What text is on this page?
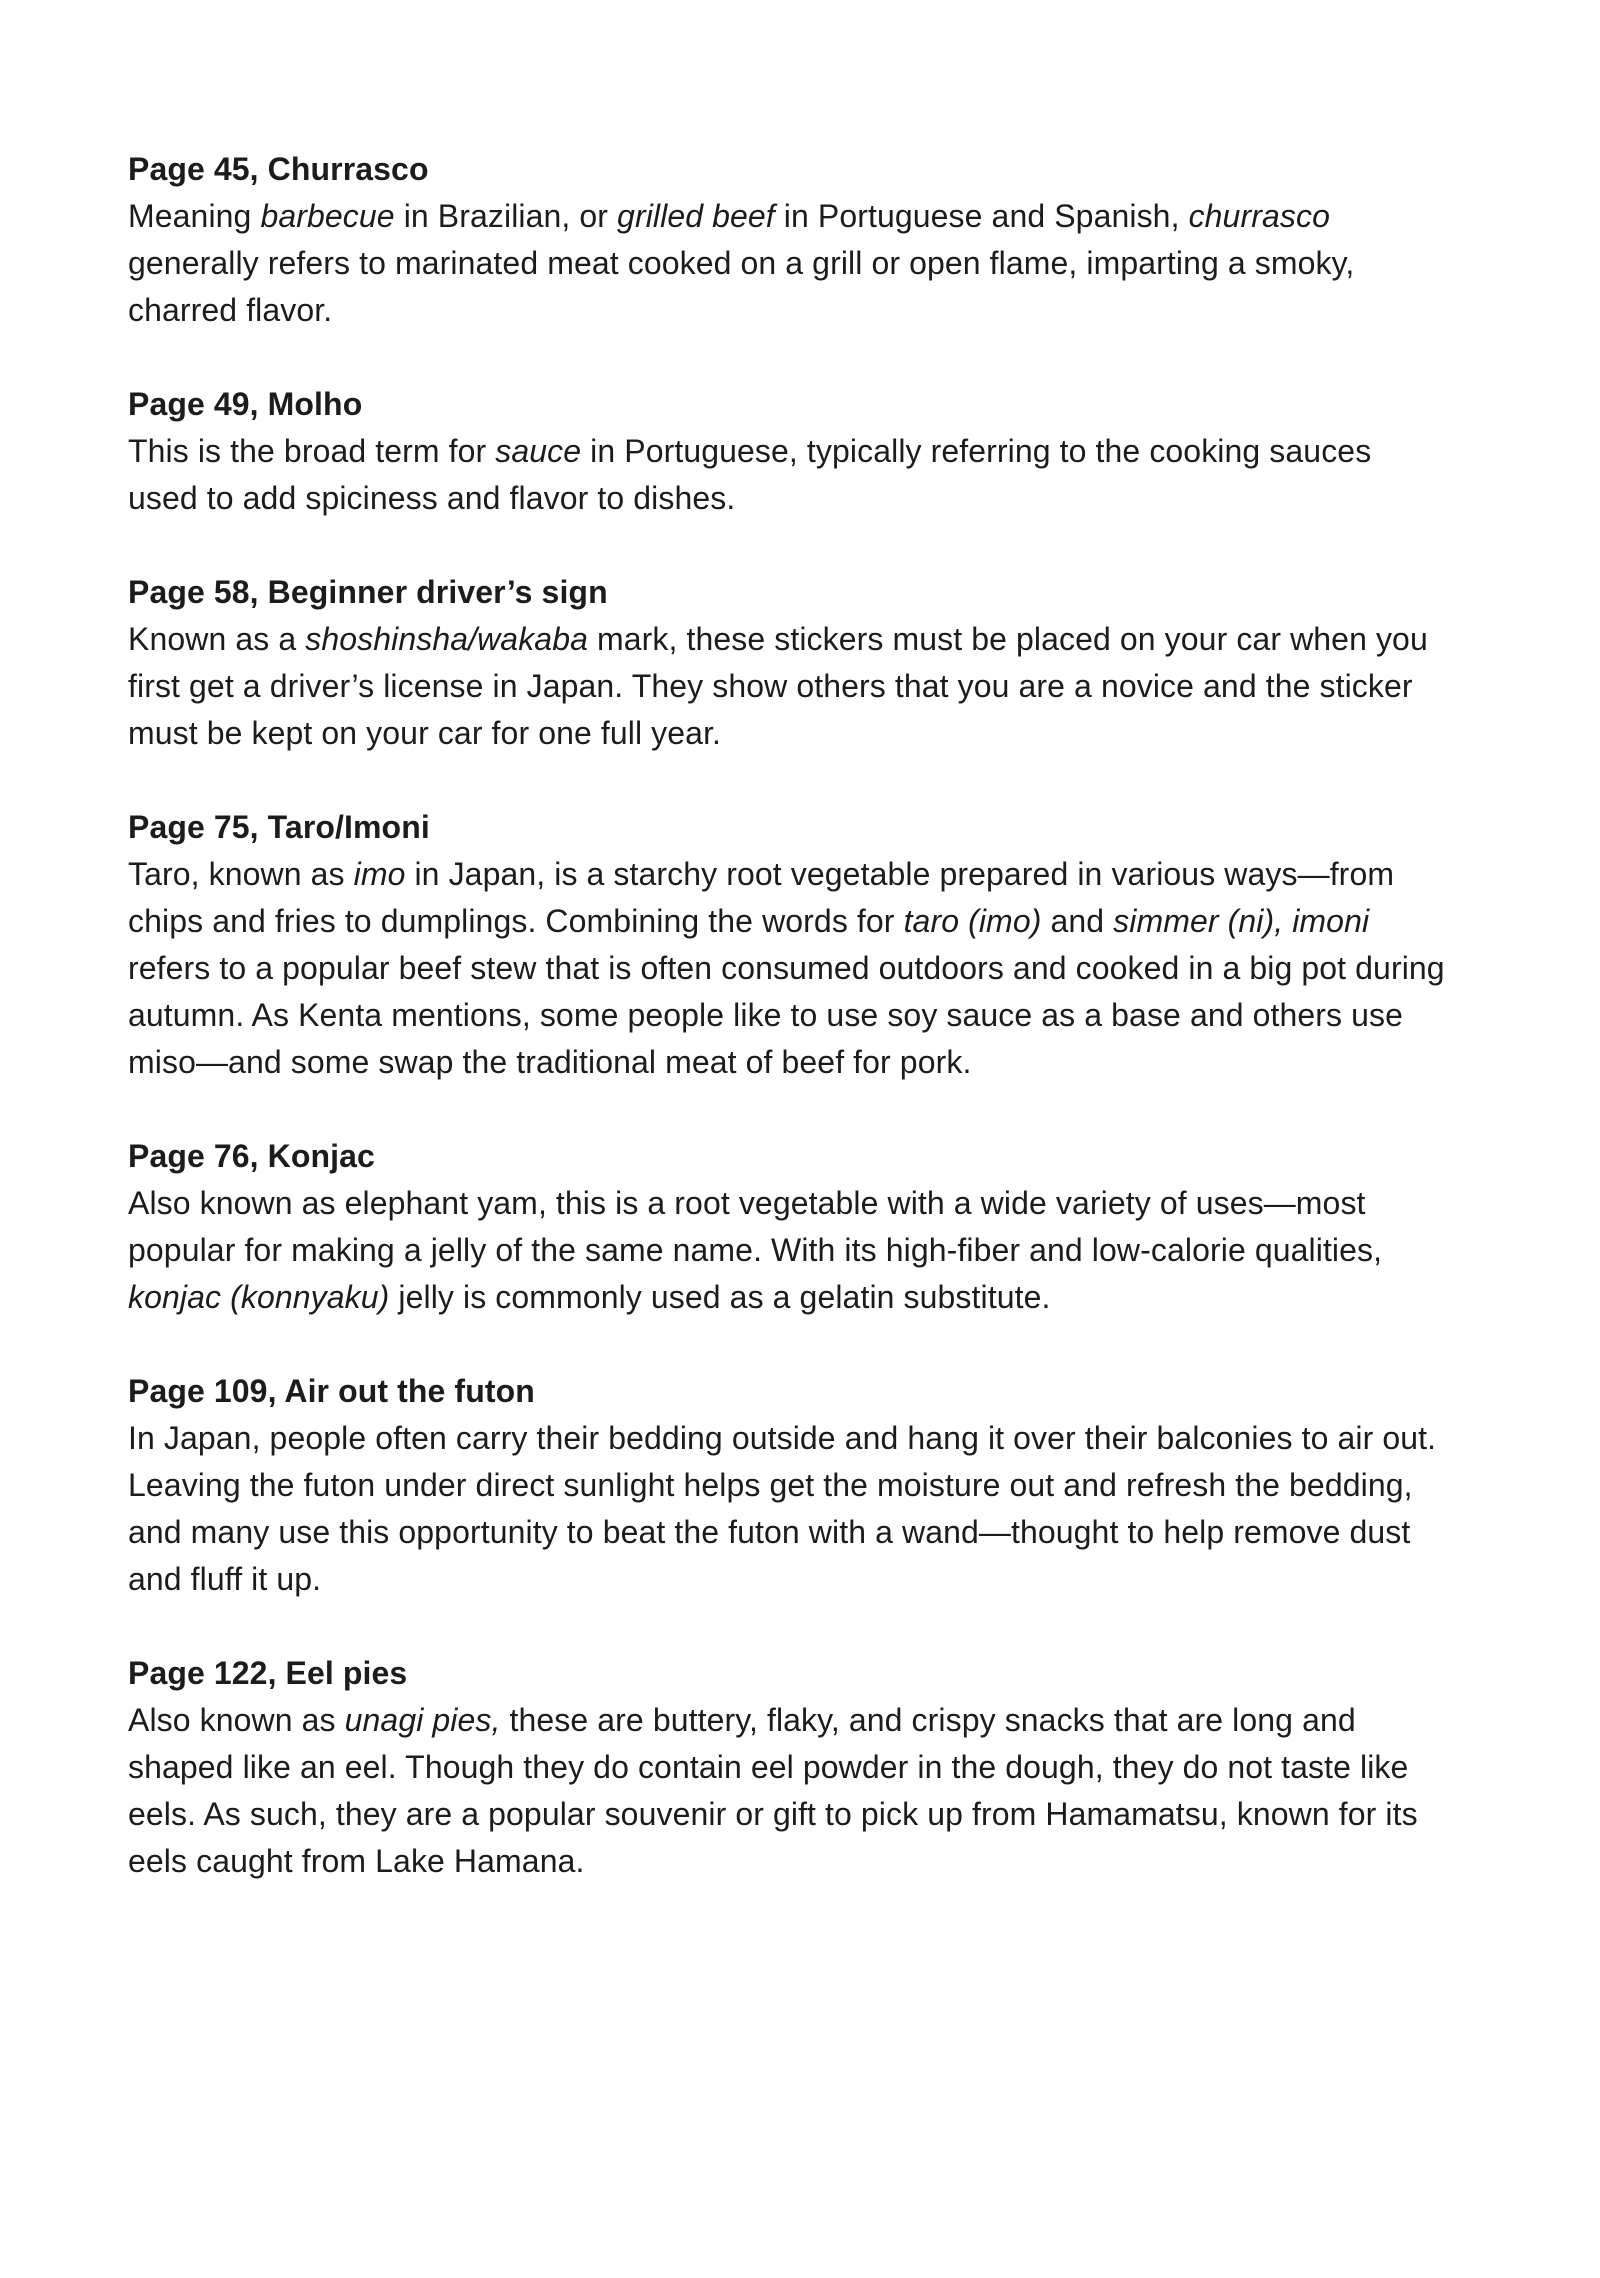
Page 45, Churrasco

Meaning barbecue in Brazilian, or grilled beef in Portuguese and Spanish, churrasco generally refers to marinated meat cooked on a grill or open flame, imparting a smoky, charred flavor.

Page 49, Molho

This is the broad term for sauce in Portuguese, typically referring to the cooking sauces used to add spiciness and flavor to dishes.

Page 58, Beginner driver’s sign

Known as a shoshinsha/wakaba mark, these stickers must be placed on your car when you first get a driver’s license in Japan. They show others that you are a novice and the sticker must be kept on your car for one full year.

Page 75, Taro/Imoni

Taro, known as imo in Japan, is a starchy root vegetable prepared in various ways—from chips and fries to dumplings. Combining the words for taro (imo) and simmer (ni), imoni refers to a popular beef stew that is often consumed outdoors and cooked in a big pot during autumn. As Kenta mentions, some people like to use soy sauce as a base and others use miso—and some swap the traditional meat of beef for pork.

Page 76, Konjac

Also known as elephant yam, this is a root vegetable with a wide variety of uses—most popular for making a jelly of the same name. With its high-fiber and low-calorie qualities, konjac (konnyaku) jelly is commonly used as a gelatin substitute.

Page 109, Air out the futon

In Japan, people often carry their bedding outside and hang it over their balconies to air out. Leaving the futon under direct sunlight helps get the moisture out and refresh the bedding, and many use this opportunity to beat the futon with a wand—thought to help remove dust and fluff it up.

Page 122, Eel pies

Also known as unagi pies, these are buttery, flaky, and crispy snacks that are long and shaped like an eel. Though they do contain eel powder in the dough, they do not taste like eels. As such, they are a popular souvenir or gift to pick up from Hamamatsu, known for its eels caught from Lake Hamana.
